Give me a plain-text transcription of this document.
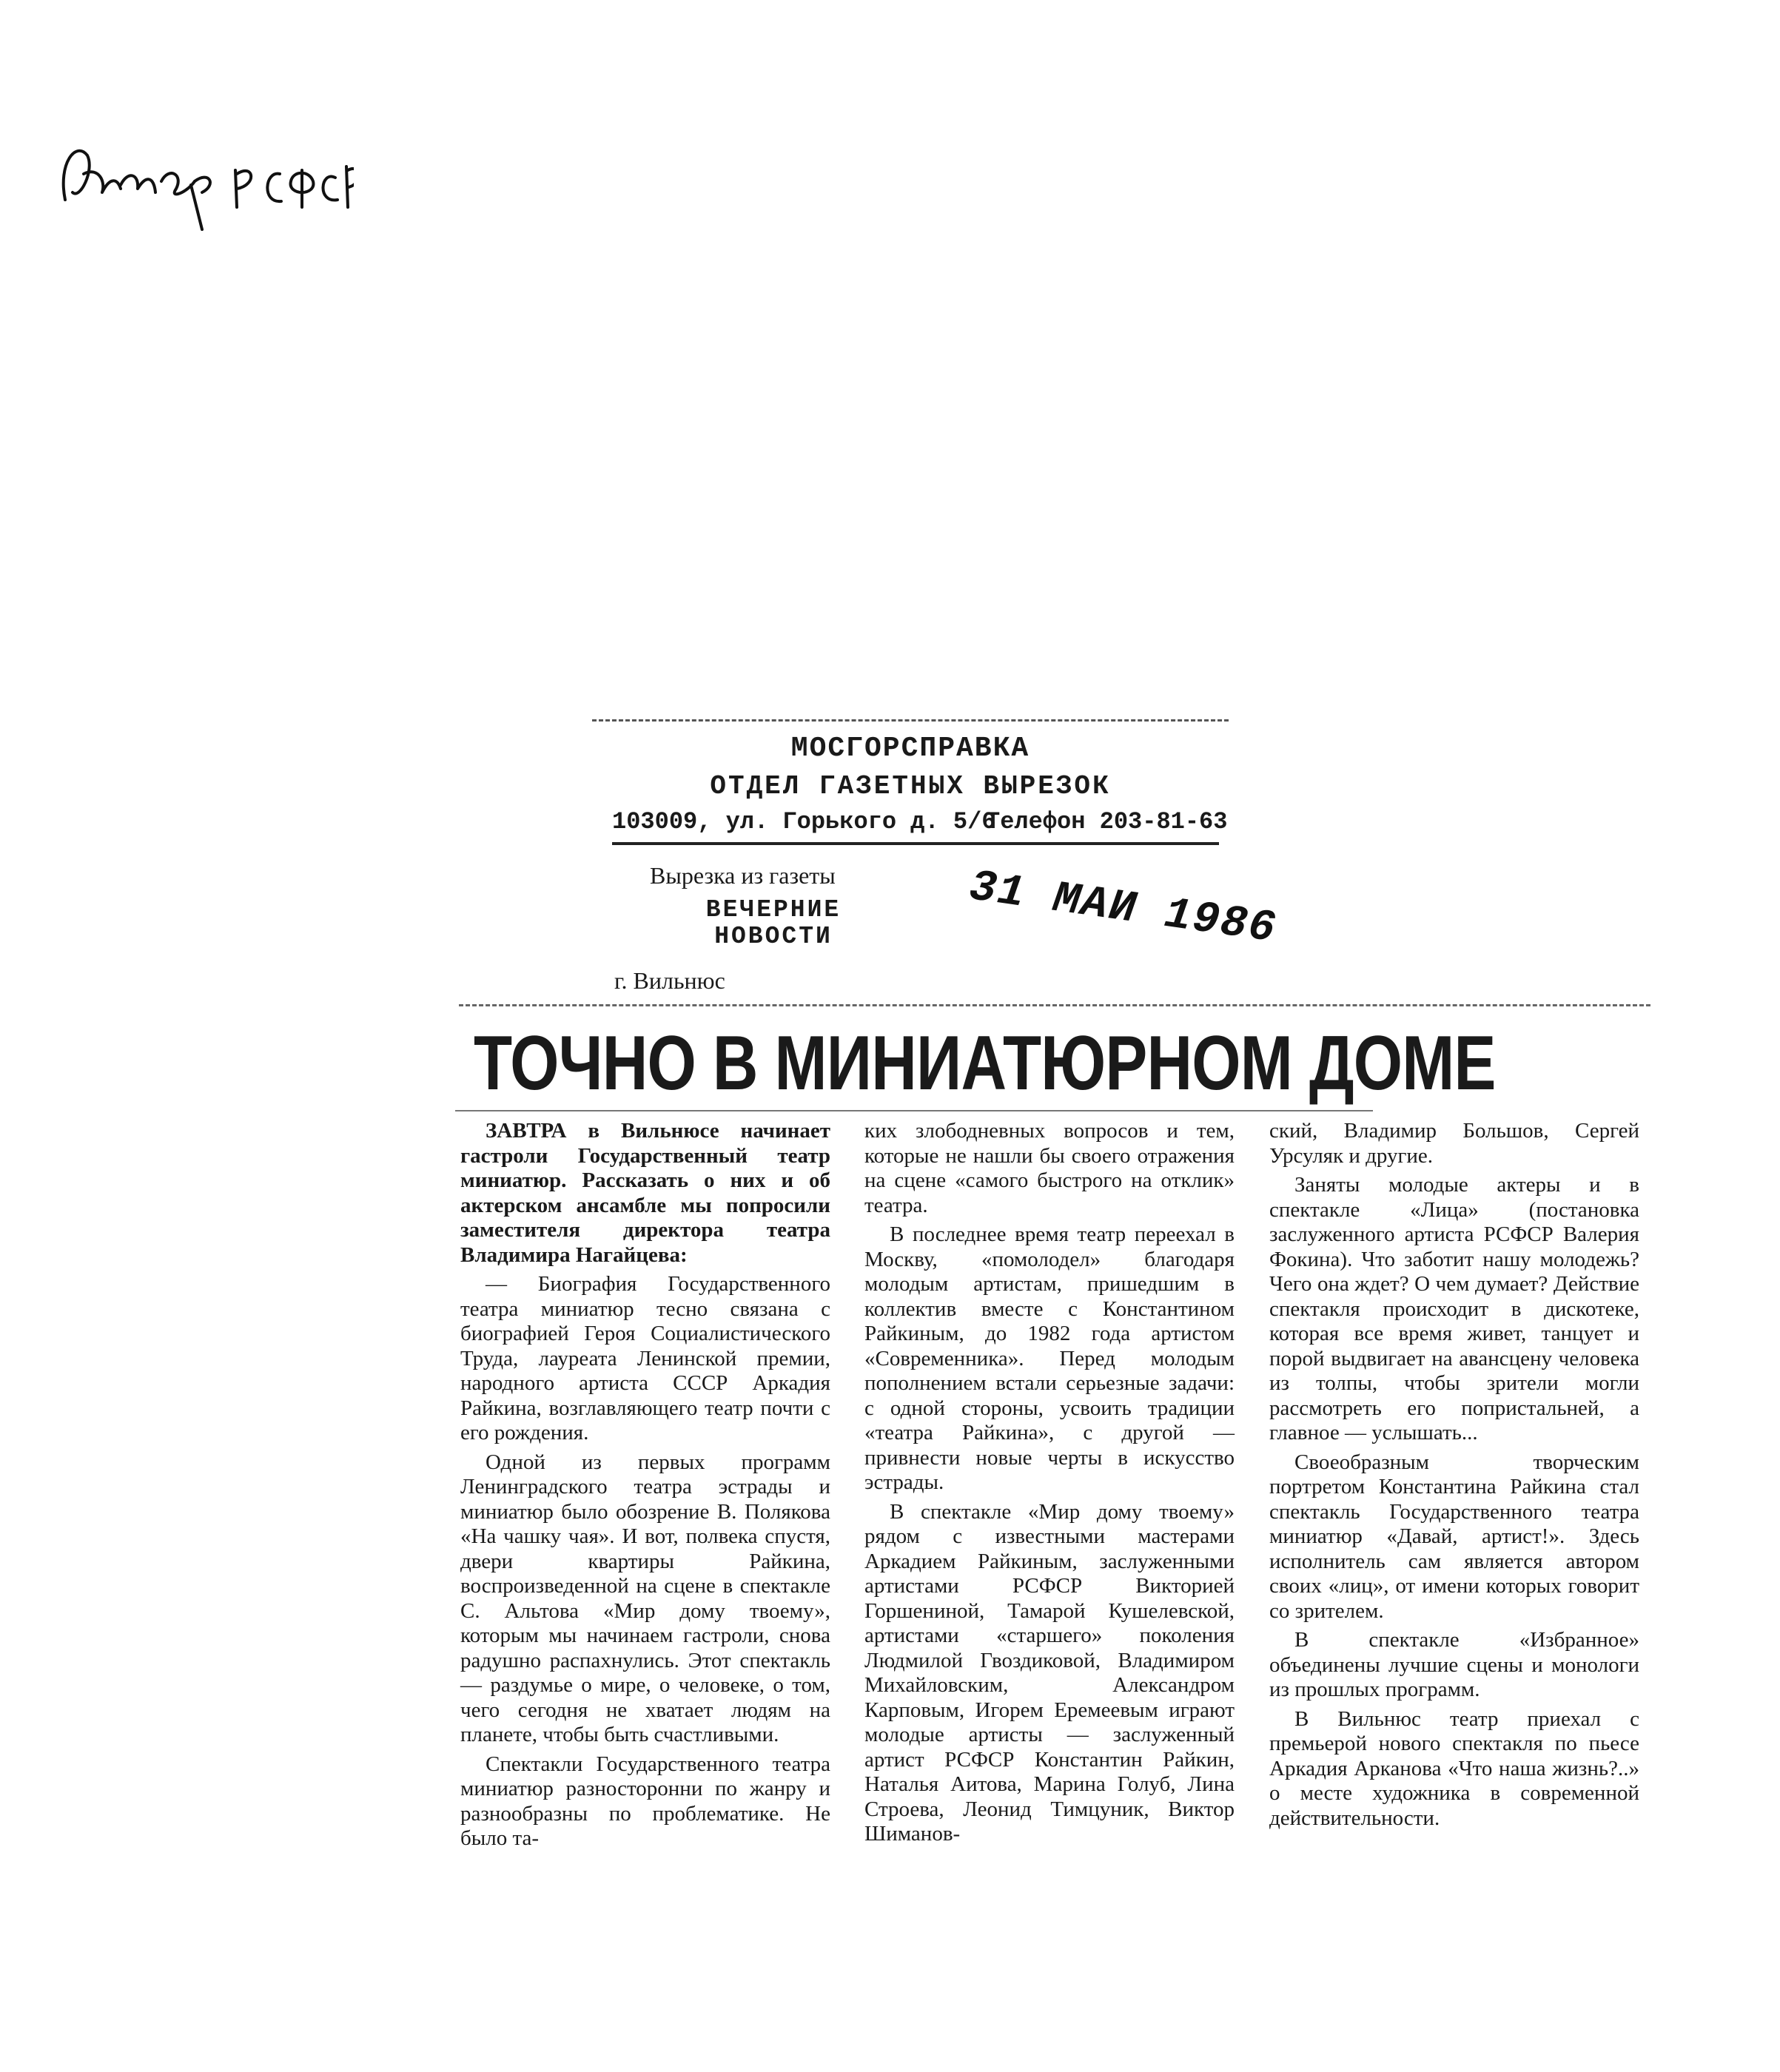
МОСГОРСПРАВКА
ОТДЕЛ ГАЗЕТНЫХ ВЫРЕЗОК
103009, ул. Горького д. 5/6
Телефон 203-81-63
Вырезка из газеты
ВЕЧЕРНИЕ
НОВОСТИ
г. Вильнюс
31 МАИ 1986
ТОЧНО В МИНИАТЮРНОМ ДОМЕ

ЗАВТРА в Вильнюсе начинает гастроли Государственный театр миниатюр. Рассказать о них и об актерском ансамбле мы попросили заместителя директора театра Владимира Нагайцева:

— Биография Государственного театра миниатюр тесно связана с биографией Героя Социалистического Труда, лауреата Ленинской премии, народного артиста СССР Аркадия Райкина, возглавляющего театр почти с его рождения.

Одной из первых программ Ленинградского театра эстрады и миниатюр было обозрение В. Полякова «На чашку чая». И вот, полвека спустя, двери квартиры Райкина, воспроизведенной на сцене в спектакле С. Альтова «Мир дому твоему», которым мы начинаем гастроли, снова радушно распахнулись. Этот спектакль — раздумье о мире, о человеке, о том, чего сегодня не хватает людям на планете, чтобы быть счастливыми.

Спектакли Государственного театра миниатюр разносторонни по жанру и разнообразны по проблематике. Не было та-

ких злободневных вопросов и тем, которые не нашли бы своего отражения на сцене «самого быстрого на отклик» театра.

В последнее время театр переехал в Москву, «помолодел» благодаря молодым артистам, пришедшим в коллектив вместе с Константином Райкиным, до 1982 года артистом «Современника». Перед молодым пополнением встали серьезные задачи: с одной стороны, усвоить традиции «театра Райкина», с другой — привнести новые черты в искусство эстрады.

В спектакле «Мир дому твоему» рядом с известными мастерами Аркадием Райкиным, заслуженными артистами РСФСР Викторией Горшениной, Тамарой Кушелевской, артистами «старшего» поколения Людмилой Гвоздиковой, Владимиром Михайловским, Александром Карповым, Игорем Еремеевым играют молодые артисты — заслуженный артист РСФСР Константин Райкин, Наталья Аитова, Марина Голуб, Лина Строева, Леонид Тимцуник, Виктор Шиманов-

ский, Владимир Большов, Сергей Урсуляк и другие.

Заняты молодые актеры и в спектакле «Лица» (постановка заслуженного артиста РСФСР Валерия Фокина). Что заботит нашу молодежь? Чего она ждет? О чем думает? Действие спектакля происходит в дискотеке, которая все время живет, танцует и порой выдвигает на авансцену человека из толпы, чтобы зрители могли рассмотреть его попристальней, а главное — услышать...

Своеобразным творческим портретом Константина Райкина стал спектакль Государственного театра миниатюр «Давай, артист!». Здесь исполнитель сам является автором своих «лиц», от имени которых говорит со зрителем.

В спектакле «Избранное» объединены лучшие сцены и монологи из прошлых программ.

В Вильнюс театр приехал с премьерой нового спектакля по пьесе Аркадия Арканова «Что наша жизнь?..» о месте художника в современной действительности.
